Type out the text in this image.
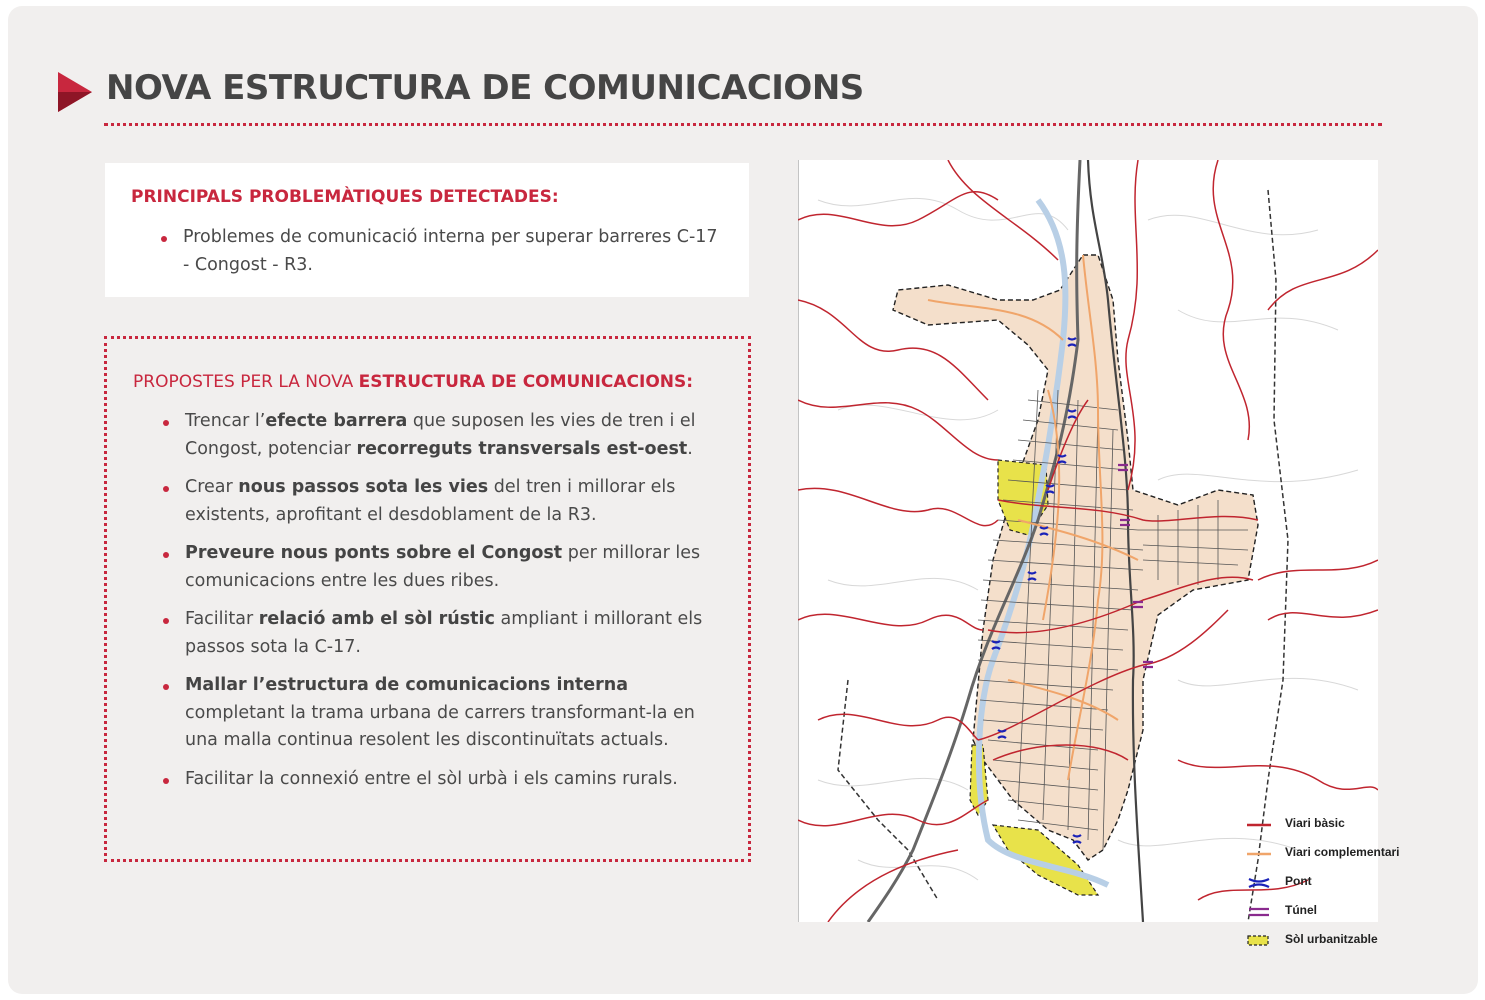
NOVA ESTRUCTURA DE COMUNICACIONS
PRINCIPALS PROBLEMÀTIQUES DETECTADES:
Problemes de comunicació interna per superar barreres C-17 - Congost - R3.
PROPOSTES PER LA NOVA ESTRUCTURA DE COMUNICACIONS:
Trencar l’efecte barrera que suposen les vies de tren i el Congost, potenciar recorreguts transversals est-oest.
Crear nous passos sota les vies del tren i millorar els existents, aprofitant el desdoblament de la R3.
Preveure nous ponts sobre el Congost per millorar les comunicacions entre les dues ribes.
Facilitar relació amb el sòl rústic ampliant i millorant els passos sota la C-17.
Mallar l’estructura de comunicacions interna completant la trama urbana de carrers transformant-la en una malla continua resolent les discontinuïtats actuals.
Facilitar la connexió entre el sòl urbà i els camins rurals.
Viari bàsic
Viari complementari
Pont
Túnel
Sòl urbanitzable
